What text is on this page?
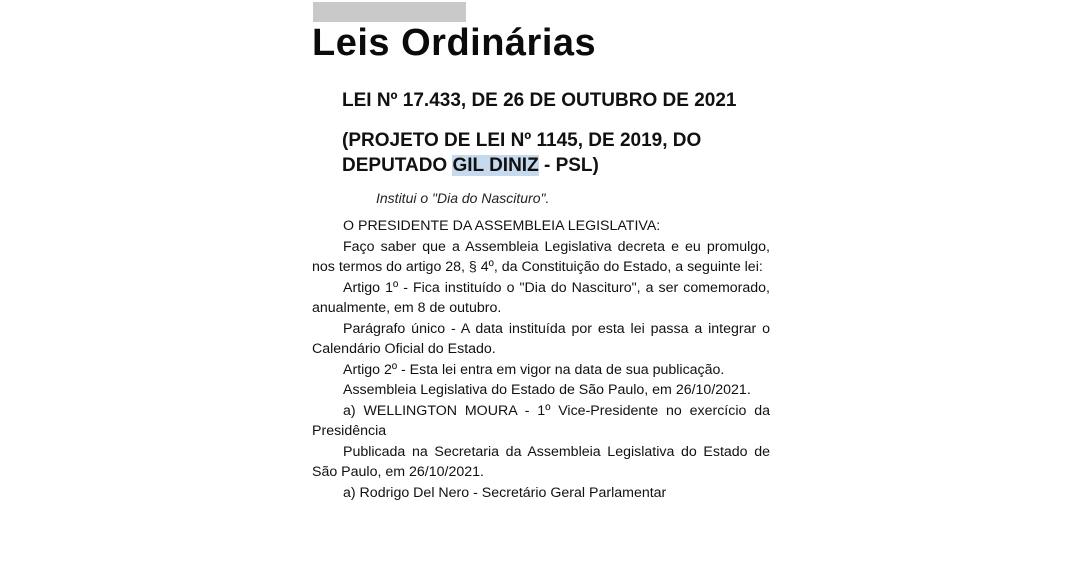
Leis Ordinárias
LEI Nº 17.433, DE 26 DE OUTUBRO DE 2021
(PROJETO DE LEI Nº 1145, DE 2019, DO
DEPUTADO GIL DINIZ - PSL)
Institui o "Dia do Nascituro".

O PRESIDENTE DA ASSEMBLEIA LEGISLATIVA:

Faço saber que a Assembleia Legislativa decreta e eu promulgo, nos termos do artigo 28, § 4º, da Constituição do Estado, a seguinte lei:

Artigo 1º - Fica instituído o "Dia do Nascituro", a ser comemorado, anualmente, em 8 de outubro.

Parágrafo único - A data instituída por esta lei passa a integrar o Calendário Oficial do Estado.

Artigo 2º - Esta lei entra em vigor na data de sua publicação.

Assembleia Legislativa do Estado de São Paulo, em 26/10/2021.

a) WELLINGTON MOURA - 1º Vice-Presidente no exercício da Presidência

Publicada na Secretaria da Assembleia Legislativa do Estado de São Paulo, em 26/10/2021.

a) Rodrigo Del Nero - Secretário Geral Parlamentar
